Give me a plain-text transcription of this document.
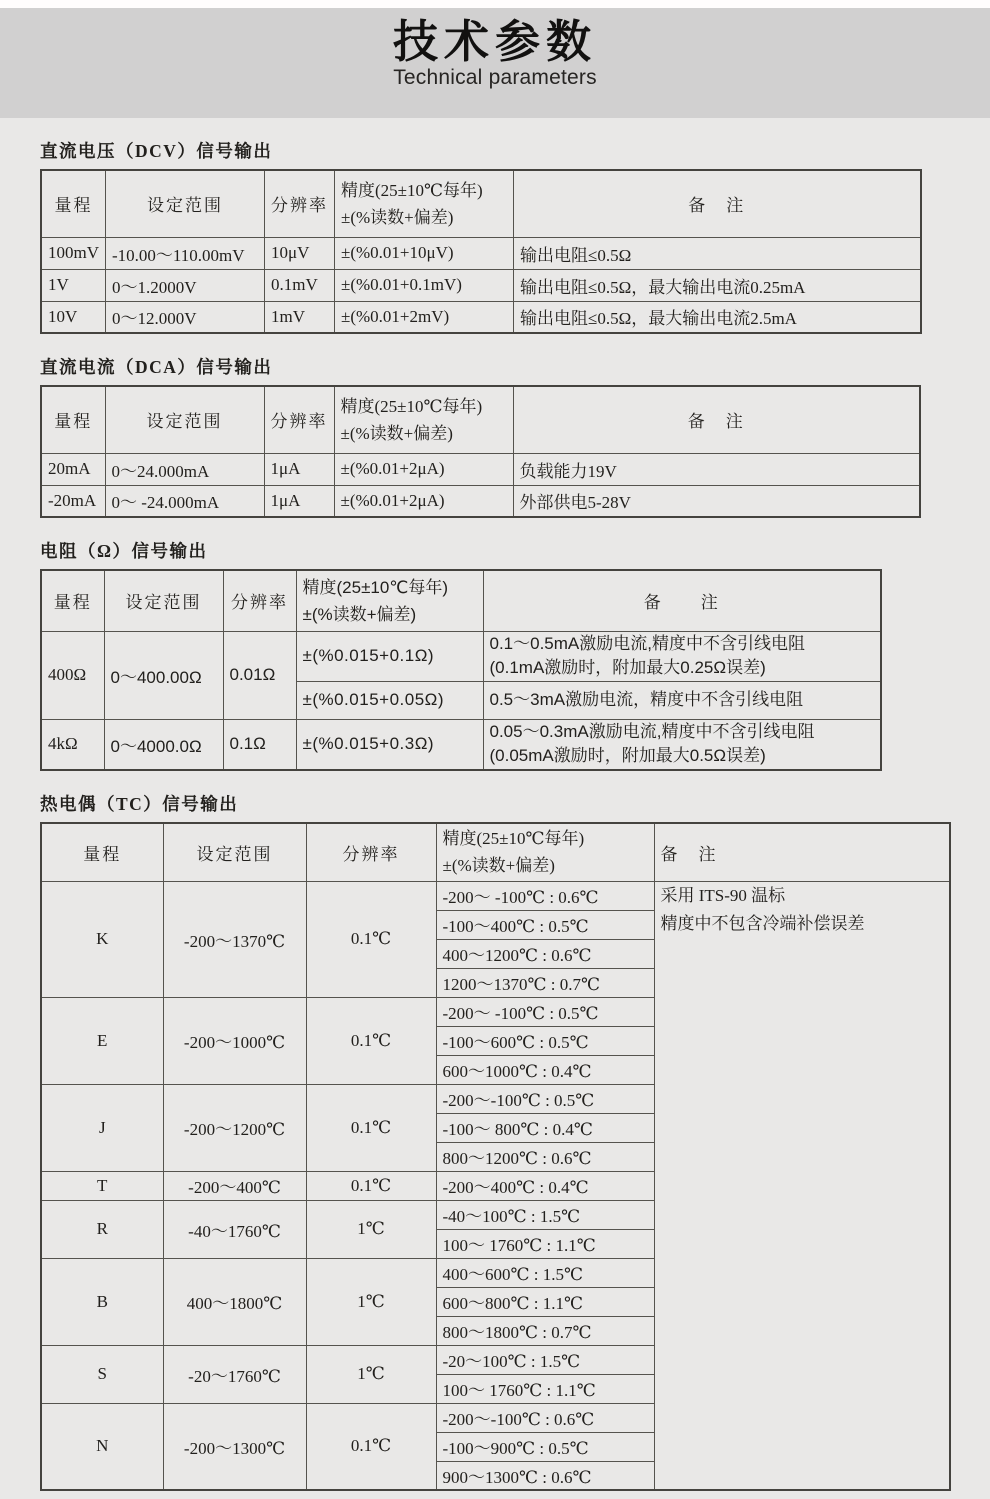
技术参数
Technical parameters
直流电压（DCV）信号输出
量程	设定范围	分辨率	精度(25±10℃每年)
±(%读数+偏差)	备　注
100mV	-10.00～110.00mV	10μV	±(%0.01+10μV)	输出电阻≤0.5Ω
1V	0～1.2000V	0.1mV	±(%0.01+0.1mV)	输出电阻≤0.5Ω，最大输出电流0.25mA
10V	0～12.000V	1mV	±(%0.01+2mV)	输出电阻≤0.5Ω，最大输出电流2.5mA
直流电流（DCA）信号输出
量程	设定范围	分辨率	精度(25±10℃每年)
±(%读数+偏差)	备　注
20mA	0～24.000mA	1μA	±(%0.01+2μA)	负载能力19V
-20mA	0～ -24.000mA	1μA	±(%0.01+2μA)	外部供电5-28V
电阻（Ω）信号输出
量程	设定范围	分辨率	精度(25±10℃每年)
±(%读数+偏差)	备　　注
400Ω	0～400.00Ω	0.01Ω	±(%0.015+0.1Ω)	0.1～0.5mA激励电流,精度中不含引线电阻
(0.1mA激励时，附加最大0.25Ω误差)

			±(%0.015+0.05Ω)	0.5～3mA激励电流，精度中不含引线电阻

4kΩ	0～4000.0Ω	0.1Ω	±(%0.015+0.3Ω)	0.05～0.3mA激励电流,精度中不含引线电阻
(0.05mA激励时，附加最大0.5Ω误差)
热电偶（TC）信号输出
量程	设定范围	分辨率	精度(25±10℃每年)
±(%读数+偏差)	备　注
K	-200～1370℃	0.1℃	-200～ -100℃ : 0.6℃	采用 ITS-90 温标
精度中不包含冷端补偿误差

			-100～400℃ : 0.5℃	
			400～1200℃ : 0.6℃	
			1200～1370℃ : 0.7℃	
E	-200～1000℃	0.1℃	-200～ -100℃ : 0.5℃	
			-100～600℃ : 0.5℃	
			600～1000℃ : 0.4℃	
J	-200～1200℃	0.1℃	-200～-100℃ : 0.5℃	
			-100～ 800℃ : 0.4℃	
			800～1200℃ : 0.6℃	
T	-200～400℃	0.1℃	-200～400℃ : 0.4℃	
R	-40～1760℃	1℃	-40～100℃ : 1.5℃	
			100～ 1760℃ : 1.1℃	
B	400～1800℃	1℃	400～600℃ : 1.5℃	
			600～800℃ : 1.1℃	
			800～1800℃ : 0.7℃	
S	-20～1760℃	1℃	-20～100℃ : 1.5℃	
			100～ 1760℃ : 1.1℃	
N	-200～1300℃	0.1℃	-200～-100℃ : 0.6℃	
			-100～900℃ : 0.5℃	
			900～1300℃ : 0.6℃	
